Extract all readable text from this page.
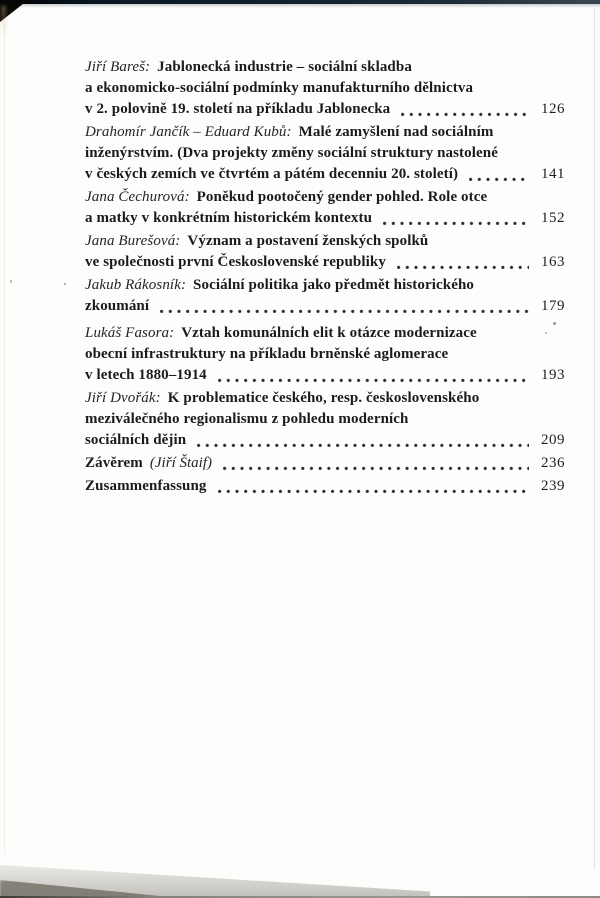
Jiří Bareš: Jablonecká industrie – sociální skladba
a ekonomicko-sociální podmínky manufakturního dělnictva
v 2. polovině 19. století na příkladu Jablonecka	126
Drahomír Jančík – Eduard Kubů: Malé zamyšlení nad sociálním
inženýrstvím. (Dva projekty změny sociální struktury nastolené
v českých zemích ve čtvrtém a pátém decenniu 20. století)	141
Jana Čechurová: Poněkud pootočený gender pohled. Role otce
a matky v konkrétním historickém kontextu	152
Jana Burešová: Význam a postavení ženských spolků
ve společnosti první Československé republiky	163
Jakub Rákosník: Sociální politika jako předmět historického
zkoumání	179
Lukáš Fasora: Vztah komunálních elit k otázce modernizace
obecní infrastruktury na příkladu brněnské aglomerace
v letech 1880–1914	193
Jiří Dvořák: K problematice českého, resp. československého
meziválečného regionalismu z pohledu moderních
sociálních dějin	209
Závěrem (Jiří Štaif)	236
Zusammenfassung	239
